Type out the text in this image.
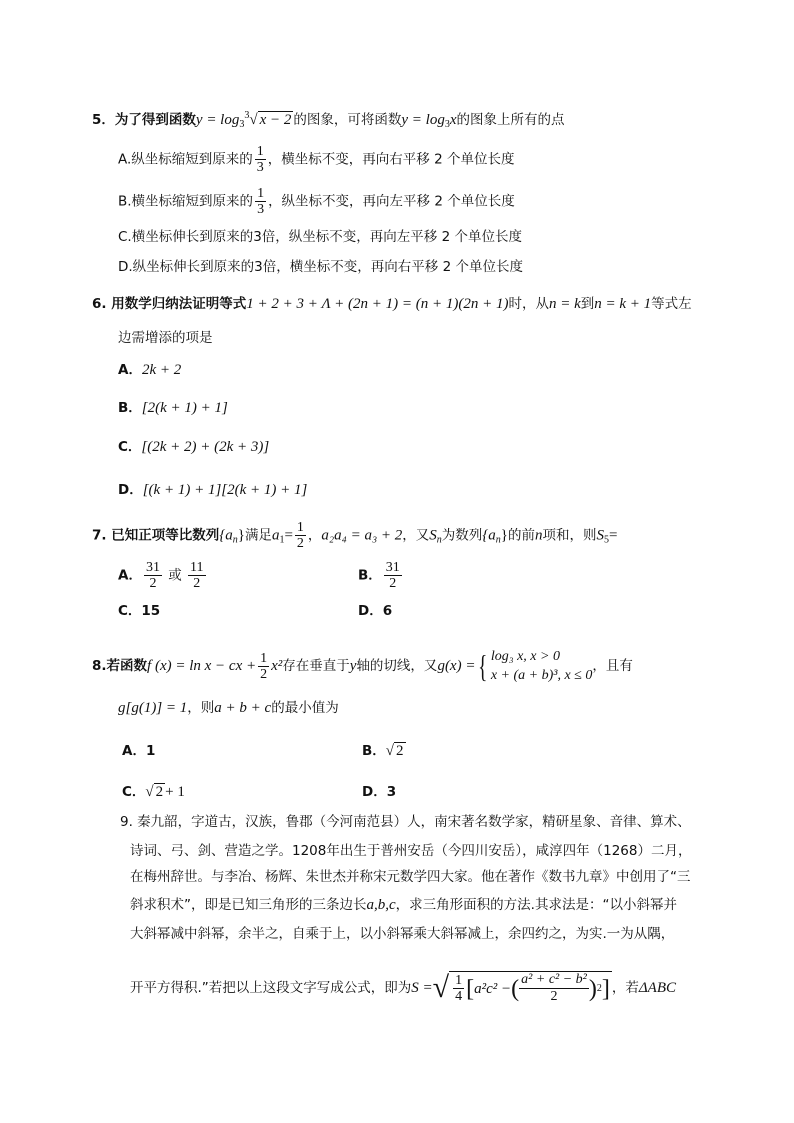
5．为了得到函数$y = \log_3^3√$ x − 2 的图象，可将函数$y = \log_3x$的图象上所有的点
A.纵坐标缩短到原来的 $\frac{1}{3}$ ，横坐标不变，再向右平移 2 个单位长度
B.横坐标缩短到原来的 $\frac{1}{3}$ ，纵坐标不变，再向左平移 2 个单位长度
C.横坐标伸长到原来的3倍，纵坐标不变，再向左平移 2 个单位长度
D.纵坐标伸长到原来的3倍，横坐标不变，再向右平移 2 个单位长度
6. 用数学归纳法证明等式1 + 2 + 3 + Λ + (2n + 1) = (n + 1)(2n + 1)时，从n = k到n = k + 1等式左
边需增添的项是
A．2k + 2
B．[2(k + 1) + 1]
C．[(2k + 2) + (2k + 3)]
D．[(k + 1) + 1][2(k + 1) + 1]
7. 已知正项等比数列$\{a_n\}$满足$a_1= \frac{1}{2}$ ，a₂a₄ = a₃ + 2，又$S_n$为数列$\{a_n\}$的前n项和，则$S_5=$
A． $\frac{31}{2}$ 或 $\frac{11}{2}$	B． $\frac{31}{2}$
C．15	D．6
8.若函数f (x) = ln x − cx + $\frac{1}{2} x^2$存在垂直于y轴的切线，又g(x) ={ log₃ x, x > 0
x + (a + b)³, x ≤ 0
，且有
g[g(1)] = 1，则a + b + c的最小值为
A．1	B．√ 2
C．√ 2 + 1	D．3
9. 秦九韶，字道古，汉族，鲁郡（今河南范县）人，南宋著名数学家，精研星象、音律、算术、
诗词、弓、剑、营造之学。1208年出生于普州安岳（今四川安岳），咸淳四年（1268）二月，
在梅州辞世。与李冶、杨辉、朱世杰并称宋元数学四大家。他在著作《数书九章》中创用了“三
斜求积术”，即是已知三角形的三条边长a,b,c，求三角形面积的方法.其求法是：“以小斜幂并
大斜幂减中斜幂，余半之，自乘于上，以小斜幂乘大斜幂减上，余四约之，为实.一为从隅，
开平方得积.”若把以上这段文字写成公式，即为S =√ $\frac{1}{4}$ [ a²c² − ( $\frac{\text{a² + c² − b²}}{2}$ ) 2 ] ，若ΔABC
